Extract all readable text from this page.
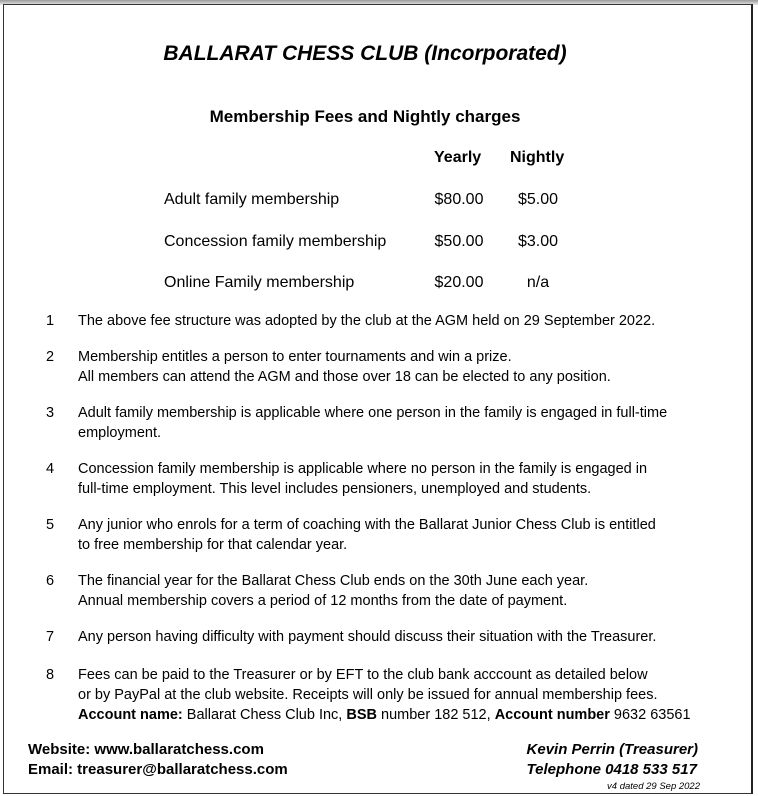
BALLARAT CHESS CLUB (Incorporated)
Membership Fees and Nightly charges
Yearly Nightly
Adult family membership	$80.00	$5.00
Concession family membership	$50.00	$3.00
Online Family membership	$20.00	n/a
1 The above fee structure was adopted by the club at the AGM held on 29 September 2022.
2 Membership entitles a person to enter tournaments and win a prize.
All members can attend the AGM and those over 18 can be elected to any position.
3 Adult family membership is applicable where one person in the family is engaged in full-time
employment.
4 Concession family membership is applicable where no person in the family is engaged in
full-time employment. This level includes pensioners, unemployed and students.
5 Any junior who enrols for a term of coaching with the Ballarat Junior Chess Club is entitled
to free membership for that calendar year.
6 The financial year for the Ballarat Chess Club ends on the 30th June each year.
Annual membership covers a period of 12 months from the date of payment.
7 Any person having difficulty with payment should discuss their situation with the Treasurer.
8 Fees can be paid to the Treasurer or by EFT to the club bank acccount as detailed below
or by PayPal at the club website. Receipts will only be issued for annual membership fees.
Account name: Ballarat Chess Club Inc, BSB number 182 512, Account number 9632 63561
Website: www.ballaratchess.com
Email: treasurer@ballaratchess.com
Kevin Perrin (Treasurer)
Telephone 0418 533 517
v4 dated 29 Sep 2022
